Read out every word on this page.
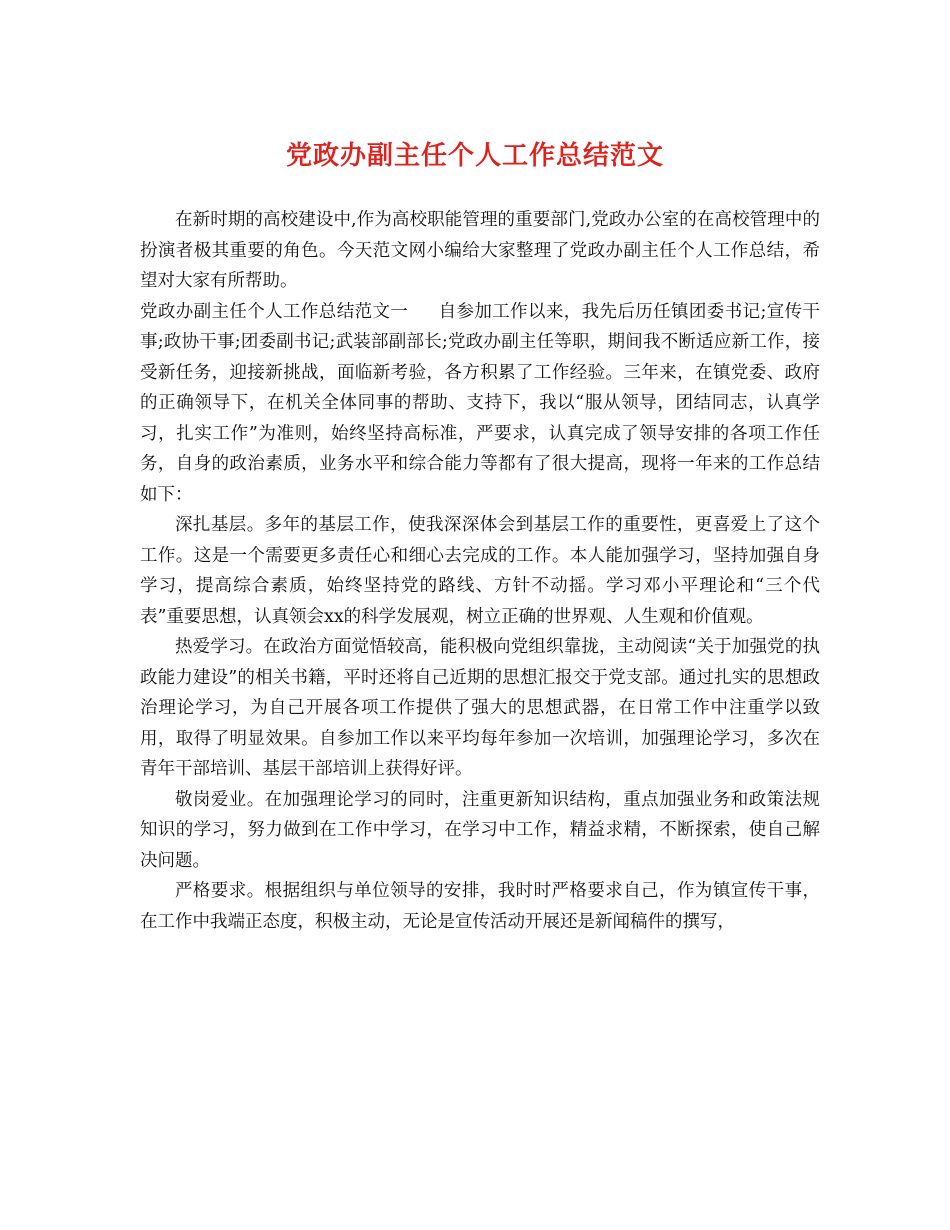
党政办副主任个人工作总结范文

在新时期的高校建设中,作为高校职能管理的重要部门,党政办公室的在高校管理中的扮演者极其重要的角色。今天范文网小编给大家整理了党政办副主任个人工作总结，希望对大家有所帮助。

党政办副主任个人工作总结范文一 自参加工作以来，我先后历任镇团委书记;宣传干事;政协干事;团委副书记;武装部副部长;党政办副主任等职，期间我不断适应新工作，接受新任务，迎接新挑战，面临新考验，各方积累了工作经验。三年来，在镇党委、政府的正确领导下，在机关全体同事的帮助、支持下，我以“服从领导，团结同志，认真学习，扎实工作”为准则，始终坚持高标准，严要求，认真完成了领导安排的各项工作任务，自身的政治素质，业务水平和综合能力等都有了很大提高，现将一年来的工作总结如下：

深扎基层。多年的基层工作，使我深深体会到基层工作的重要性，更喜爱上了这个工作。这是一个需要更多责任心和细心去完成的工作。本人能加强学习，坚持加强自身学习，提高综合素质，始终坚持党的路线、方针不动摇。学习邓小平理论和“三个代表”重要思想，认真领会xx的科学发展观，树立正确的世界观、人生观和价值观。

热爱学习。在政治方面觉悟较高，能积极向党组织靠拢，主动阅读“关于加强党的执政能力建设”的相关书籍，平时还将自己近期的思想汇报交于党支部。通过扎实的思想政治理论学习，为自己开展各项工作提供了强大的思想武器，在日常工作中注重学以致用，取得了明显效果。自参加工作以来平均每年参加一次培训，加强理论学习，多次在青年干部培训、基层干部培训上获得好评。

敬岗爱业。在加强理论学习的同时，注重更新知识结构，重点加强业务和政策法规知识的学习，努力做到在工作中学习，在学习中工作，精益求精，不断探索，使自己解决问题。

严格要求。根据组织与单位领导的安排，我时时严格要求自己，作为镇宣传干事，在工作中我端正态度，积极主动，无论是宣传活动开展还是新闻稿件的撰写，
